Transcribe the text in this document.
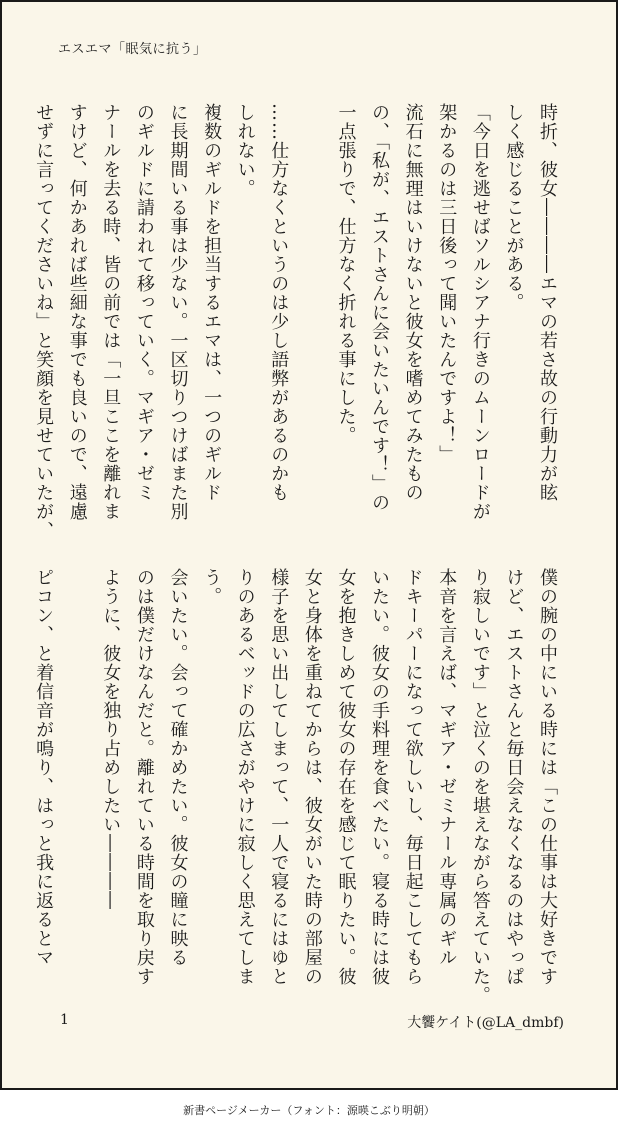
エスエマ「眠気に抗う」
時折、彼女――――エマの若さ故の行動力が眩
しく感じることがある。
「今日を逃せばソルシアナ行きのムーンロードが
架かるのは三日後って聞いたんですよ！」
流石に無理はいけないと彼女を嗜めてみたもの
の、「私が、エストさんに会いたいんです！」の
一点張りで、仕方なく折れる事にした。
……仕方なくというのは少し語弊があるのかも
しれない。
複数のギルドを担当するエマは、一つのギルド
に長期間いる事は少ない。一区切りつけばまた別
のギルドに請われて移っていく。マギア・ゼミ
ナールを去る時、皆の前では「一旦ここを離れま
すけど、何かあれば些細な事でも良いので、遠慮
せずに言ってくださいね」と笑顔を見せていたが、
僕の腕の中にいる時には「この仕事は大好きです
けど、エストさんと毎日会えなくなるのはやっぱ
り寂しいです」と泣くのを堪えながら答えていた。
本音を言えば、マギア・ゼミナール専属のギル
ドキーパーになって欲しいし、毎日起こしてもら
いたい。彼女の手料理を食べたい。寝る時には彼
女を抱きしめて彼女の存在を感じて眠りたい。彼
女と身体を重ねてからは、彼女がいた時の部屋の
様子を思い出してしまって、一人で寝るにはゆと
りのあるベッドの広さがやけに寂しく思えてしま
う。
会いたい。会って確かめたい。彼女の瞳に映る
のは僕だけなんだと。離れている時間を取り戻す
ように、彼女を独り占めしたい――――
ピコン、と着信音が鳴り、はっと我に返るとマ
1	大饗ケイト(@LA_dmbf)
新書ページメーカー（フォント：源暎こぶり明朝）
